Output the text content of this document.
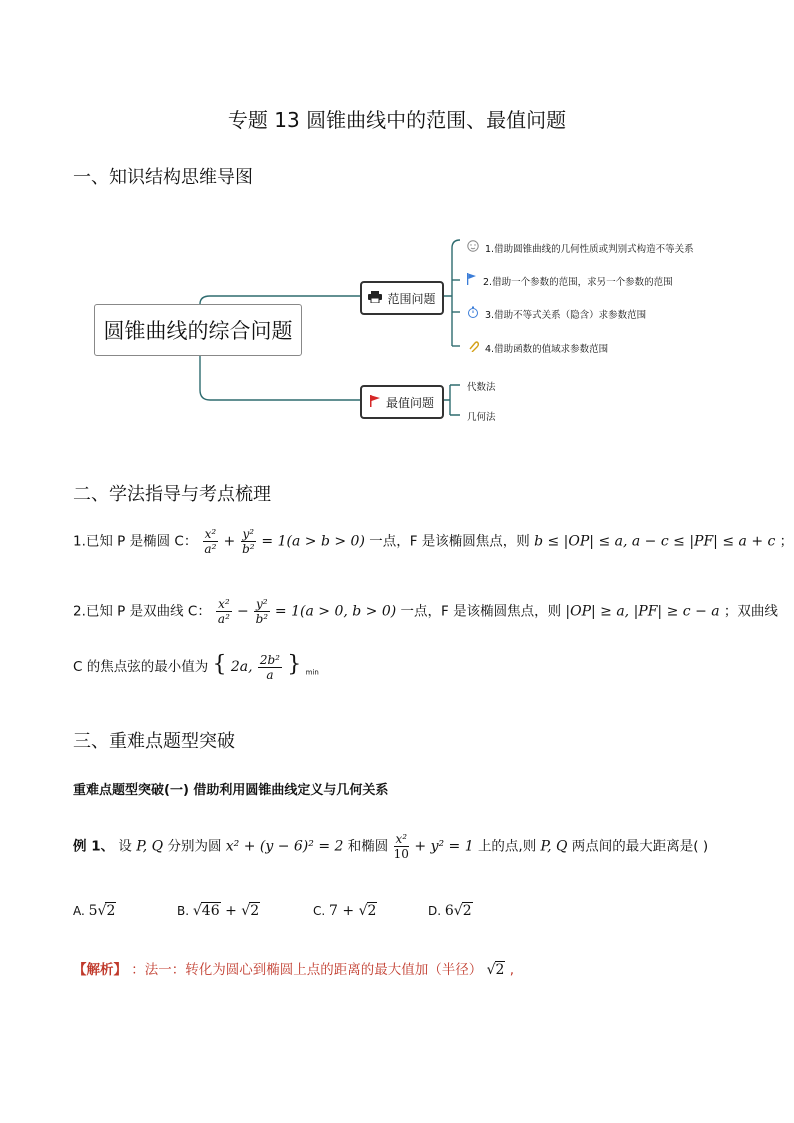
专题 13 圆锥曲线中的范围、最值问题
一、知识结构思维导图
圆锥曲线的综合问题
范围问题
最值问题
1.借助圆锥曲线的几何性质或判别式构造不等关系
2.借助一个参数的范围，求另一个参数的范围
3.借助不等式关系（隐含）求参数范围
4.借助函数的值域求参数范围
代数法
几何法
二、学法指导与考点梳理
1.已知 P 是椭圆 C： $\frac{\text{x²}}{\text{a²}} + \frac{\text{y²}}{\text{b²}} = 1(a > b > 0)$ 一点，F 是该椭圆焦点，则 b ≤ |OP| ≤ a, a − c ≤ |PF| ≤ a + c ；
2.已知 P 是双曲线 C： $\frac{\text{x²}}{\text{a²}} - \frac{\text{y²}}{\text{b²}} = 1(a > 0$, b > 0) 一点，F 是该椭圆焦点，则 |OP| ≥ a, |PF| ≥ c − a ；双曲线
C 的焦点弦的最小值为 { 2a, $\frac{\text{2b²}}{a}$ } $_{min}$
三、重难点题型突破
重难点题型突破(一) 借助利用圆锥曲线定义与几何关系
例 1、 设 P, Q 分别为圆 x² + (y − 6)² = 2 和椭圆 $\frac{\text{x²}}{10} + y^2 = 1$ 上的点,则 P, Q 两点间的最大距离是( )
A. 5√2	B. √46 + √2	C. 7 + √2	D. 6√2
【解析】 ：法一：转化为圆心到椭圆上点的距离的最大值加（半径） √2 ,
